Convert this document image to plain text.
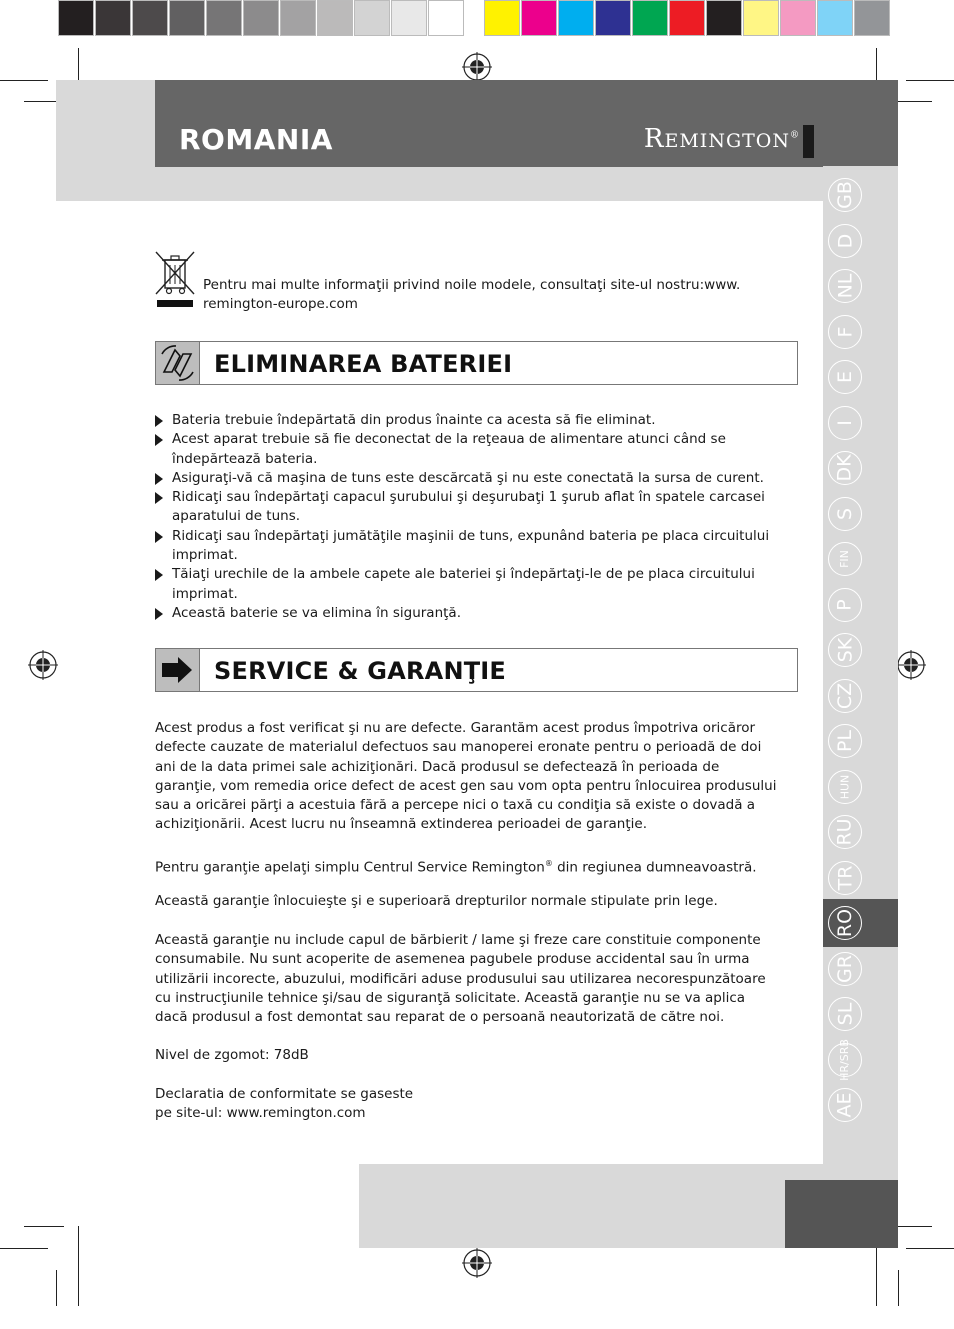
ROMANIA	REMINGTON®
GB
D
NL
F
E
I
DK
S
FIN
P
SK
CZ
PL
HUN
RU
TR
RO
GR
SL
HR/SRB
AE

Pentru mai multe informaţii privind noile modele, consultaţi site-ul nostru:www. remington-europe.com

ELIMINAREA BATERIEI
Bateria trebuie îndepărtată din produs înainte ca acesta să fie eliminat.
Acest aparat trebuie să fie deconectat de la reţeaua de alimentare atunci când se îndepărtează bateria.
Asiguraţi-vă că maşina de tuns este descărcată şi nu este conectată la sursa de curent.
Ridicaţi sau îndepărtaţi capacul şurubului şi deşurubaţi 1 şurub aflat în spatele carcasei aparatului de tuns.
Ridicaţi sau îndepărtaţi jumătăţile maşinii de tuns, expunând bateria pe placa circuitului imprimat.
Tăiaţi urechile de la ambele capete ale bateriei şi îndepărtaţi-le de pe placa circuitului imprimat.
Această baterie se va elimina în siguranţă.
SERVICE & GARANŢIE

Acest produs a fost verificat şi nu are defecte. Garantăm acest produs împotriva oricăror defecte cauzate de materialul defectuos sau manoperei eronate pentru o perioadă de doi ani de la data primei sale achiziţionări. Dacă produsul se defectează în perioada de garanţie, vom remedia orice defect de acest gen sau vom opta pentru înlocuirea produsului sau a oricărei părţi a acestuia fără a percepe nici o taxă cu condiţia să existe o dovadă a achiziţionării. Acest lucru nu înseamnă extinderea perioadei de garanţie.

Pentru garanţie apelaţi simplu Centrul Service Remington® din regiunea dumneavoastră.

Această garanţie înlocuieşte şi e superioară drepturilor normale stipulate prin lege.

Această garanţie nu include capul de bărbierit / lame şi freze care constituie componente consumabile. Nu sunt acoperite de asemenea pagubele produse accidental sau în urma utilizării incorecte, abuzului, modificări aduse produsului sau utilizarea necorespunzătoare cu instrucţiunile tehnice şi/sau de siguranţă solicitate. Această garanţie nu se va aplica dacă produsul a fost demontat sau reparat de o persoană neautorizată de către noi.

Nivel de zgomot: 78dB

Declaratia de conformitate se gaseste
pe site-ul: www.remington.com
